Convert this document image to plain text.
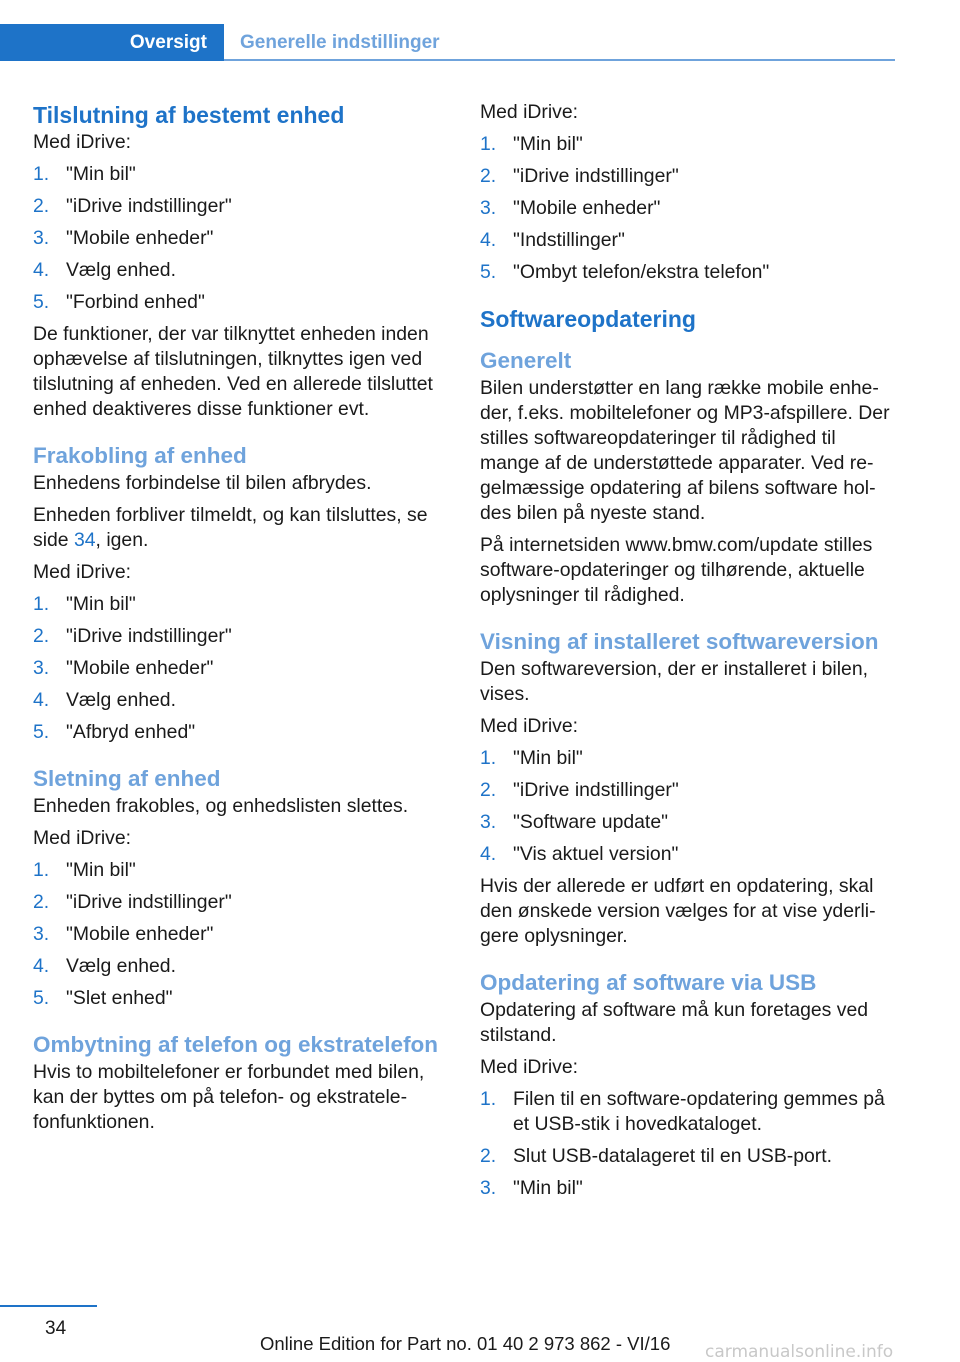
Oversigt	Generelle indstillinger
Tilslutning af bestemt enhed

Med iDrive:

1. "Min bil"
2. "iDrive indstillinger"
3. "Mobile enheder"
4. Vælg enhed.
5. "Forbind enhed"

De funktioner, der var tilknyttet enheden inden ophævelse af tilslutningen, tilknyttes igen ved tilslutning af enheden. Ved en allerede tilsluttet enhed deaktiveres disse funktioner evt.

Frakobling af enhed

Enhedens forbindelse til bilen afbrydes.

Enheden forbliver tilmeldt, og kan tilsluttes, se side 34, igen.

Med iDrive:

1. "Min bil"
2. "iDrive indstillinger"
3. "Mobile enheder"
4. Vælg enhed.
5. "Afbryd enhed"
Sletning af enhed

Enheden frakobles, og enhedslisten slettes.

Med iDrive:

1. "Min bil"
2. "iDrive indstillinger"
3. "Mobile enheder"
4. Vælg enhed.
5. "Slet enhed"
Ombytning af telefon og ekstratelefon

Hvis to mobiltelefoner er forbundet med bilen, kan der byttes om på telefon- og ekstratelefonfunktionen.

Med iDrive:

1. "Min bil"
2. "iDrive indstillinger"
3. "Mobile enheder"
4. "Indstillinger"
5. "Ombyt telefon/ekstra telefon"
Softwareopdatering
Generelt

Bilen understøtter en lang række mobile enheder, f.eks. mobiltelefoner og MP3-afspillere. Der stilles softwareopdateringer til rådighed til mange af de understøttede apparater. Ved regelmæssige opdatering af bilens software holdes bilen på nyeste stand.

På internetsiden www.bmw.com/update stilles software-opdateringer og tilhørende, aktuelle oplysninger til rådighed.

Visning af installeret softwareversion

Den softwareversion, der er installeret i bilen, vises.

Med iDrive:

1. "Min bil"
2. "iDrive indstillinger"
3. "Software update"
4. "Vis aktuel version"

Hvis der allerede er udført en opdatering, skal den ønskede version vælges for at vise yderligere oplysninger.

Opdatering af software via USB

Opdatering af software må kun foretages ved stilstand.

Med iDrive:

1. Filen til en software-opdatering gemmes på et USB-stik i hovedkataloget.
2. Slut USB-datalageret til en USB-port.
3. "Min bil"
34
Online Edition for Part no. 01 40 2 973 862 - VI/16 carmanualsonline.info
